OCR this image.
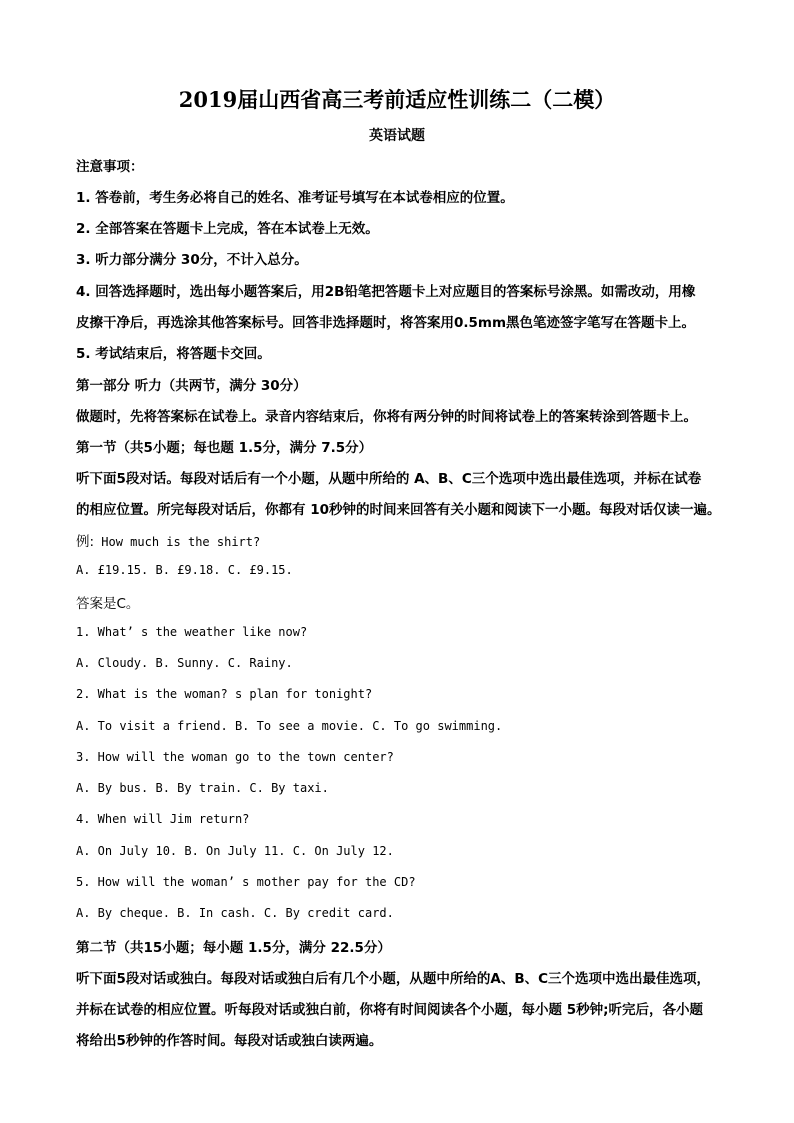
2019届山西省高三考前适应性训练二（二模）
英语试题
注意事项：
1. 答卷前，考生务必将自己的姓名、准考证号填写在本试卷相应的位置。
2. 全部答案在答题卡上完成，答在本试卷上无效。
3. 听力部分满分 30分，不计入总分。
4. 回答选择题时，选出每小题答案后，用2B铅笔把答题卡上对应题目的答案标号涂黑。如需改动，用橡
皮擦干净后，再选涂其他答案标号。回答非选择题时，将答案用0.5mm黑色笔迹签字笔写在答题卡上。
5. 考试结束后，将答题卡交回。
第一部分 听力（共两节，满分 30分）
做题时，先将答案标在试卷上。录音内容结束后，你将有两分钟的时间将试卷上的答案转涂到答题卡上。
第一节（共5小题；每也题 1.5分，满分 7.5分）
听下面5段对话。每段对话后有一个小题，从题中所给的 A、B、C三个选项中选出最佳选项，并标在试卷
的相应位置。所完每段对话后，你都有 10秒钟的时间来回答有关小题和阅读下一小题。每段对话仅读一遍。
例: How much is the shirt?
A. £19.15. B. £9.18. C. £9.15.
答案是C。
1. What’ s the weather like now?
A. Cloudy. B. Sunny. C. Rainy.
2. What is the woman? s plan for tonight?
A. To visit a friend. B. To see a movie. C. To go swimming.
3. How will the woman go to the town center?
A. By bus. B. By train. C. By taxi.
4. When will Jim return?
A. On July 10. B. On July 11. C. On July 12.
5. How will the woman’ s mother pay for the CD?
A. By cheque. B. In cash. C. By credit card.
第二节（共15小题；每小题 1.5分，满分 22.5分）
听下面5段对话或独白。每段对话或独白后有几个小题，从题中所给的A、B、C三个选项中选出最佳选项，
并标在试卷的相应位置。听每段对话或独白前，你将有时间阅读各个小题，每小题 5秒钟;听完后，各小题
将给出5秒钟的作答时间。每段对话或独白读两遍。
